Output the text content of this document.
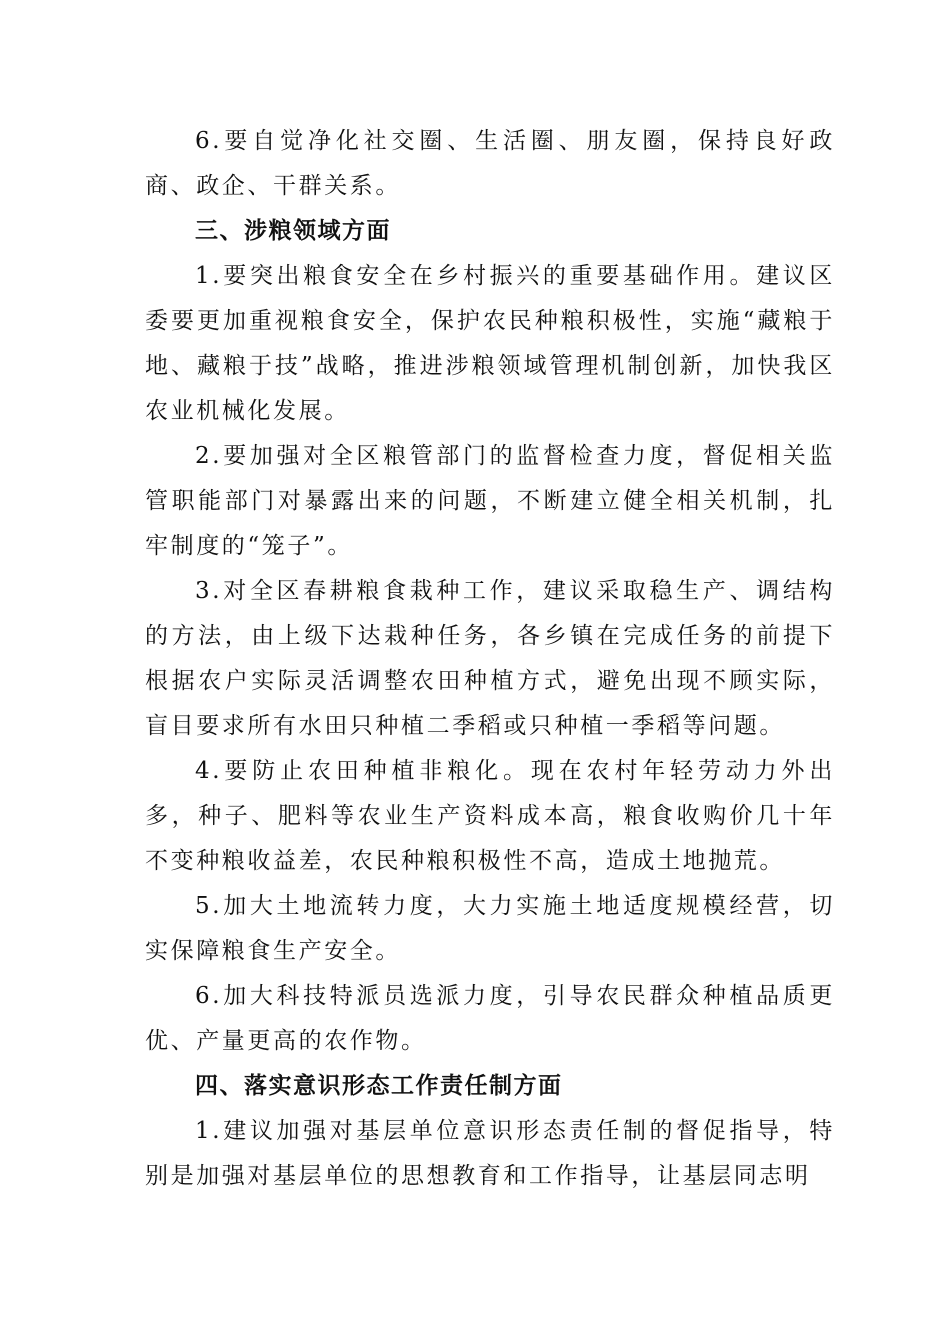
6.要自觉净化社交圈、生活圈、朋友圈，保持良好政商、政企、干群关系。

三、涉粮领域方面

1.要突出粮食安全在乡村振兴的重要基础作用。建议区委要更加重视粮食安全，保护农民种粮积极性，实施“藏粮于地、藏粮于技”战略，推进涉粮领域管理机制创新，加快我区农业机械化发展。

2.要加强对全区粮管部门的监督检查力度，督促相关监管职能部门对暴露出来的问题，不断建立健全相关机制，扎牢制度的“笼子”。

3.对全区春耕粮食栽种工作，建议采取稳生产、调结构的方法，由上级下达栽种任务，各乡镇在完成任务的前提下根据农户实际灵活调整农田种植方式，避免出现不顾实际，盲目要求所有水田只种植二季稻或只种植一季稻等问题。

4.要防止农田种植非粮化。现在农村年轻劳动力外出多，种子、肥料等农业生产资料成本高，粮食收购价几十年不变种粮收益差，农民种粮积极性不高，造成土地抛荒。

5.加大土地流转力度，大力实施土地适度规模经营，切实保障粮食生产安全。

6.加大科技特派员选派力度，引导农民群众种植品质更优、产量更高的农作物。

四、落实意识形态工作责任制方面

1.建议加强对基层单位意识形态责任制的督促指导，特别是加强对基层单位的思想教育和工作指导，让基层同志明
